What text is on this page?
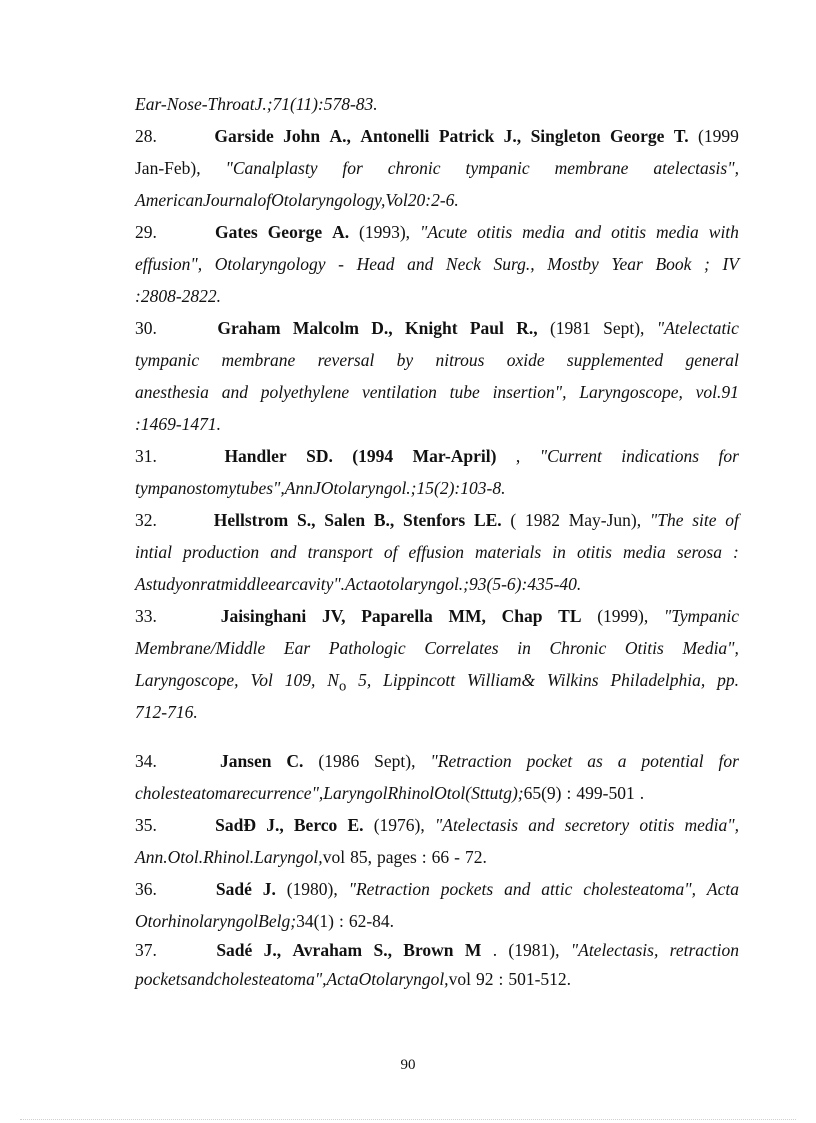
Ear-Nose-Throat J.; 71 (11) : 578-83.
28.	Garside John A., Antonelli Patrick J., Singleton George T. (1999
Jan-Feb), "Canalplasty for chronic tympanic membrane atelectasis",
American Journal of Otolaryngology, Vol 20 : 2-6.
29.	Gates George A. (1993), "Acute otitis media and otitis media with
effusion", Otolaryngology - Head and Neck Surg., Mostby Year Book ; IV
: 2808-2822 .
30.	Graham Malcolm D., Knight Paul R., (1981 Sept), "Atelectatic
tympanic membrane reversal by nitrous oxide supplemented general
anesthesia and polyethylene ventilation tube insertion", Laryngoscope, vol.91
: 1469-1471.
31.	Handler SD. (1994 Mar-April) , "Current indications for
tympanostomy tubes",Ann J Otolaryngol.;15 (2) : 103-8.
32.	Hellstrom S., Salen B., Stenfors LE. ( 1982 May-Jun), "The site of
intial production and transport of effusion materials in otitis media serosa :
A study on rat middle ear cavity". Acta otolaryngol.; 93 (5-6) : 435-40.
33.	Jaisinghani JV, Paparella MM, Chap TL (1999), "Tympanic
Membrane/Middle Ear Pathologic Correlates in Chronic Otitis Media",
Laryngoscope, Vol 109, $N_o$ 5, Lippincott William& Wilkins Philadelphia, pp.
712-716.
34.	Jansen C. (1986 Sept), "Retraction pocket as a potential for
cholesteatoma recurrence", Laryngol Rhinol Otol (Sttutg); 65(9) : 499-501 .
35.	SadĐ J., Berco E. (1976), "Atelectasis and secretory otitis media",
Ann. Otol. Rhinol. Laryngol, vol 85, pages : 66 - 72.
36.	Sadé J. (1980), "Retraction pockets and attic cholesteatoma", Acta
Otorhinolaryngol Belg; 34(1) : 62-84.
37.	Sadé J., Avraham S., Brown M . (1981), "Atelectasis, retraction
pockets and cholesteatoma", Acta Otolaryngol, vol 92 : 501-512.
90
